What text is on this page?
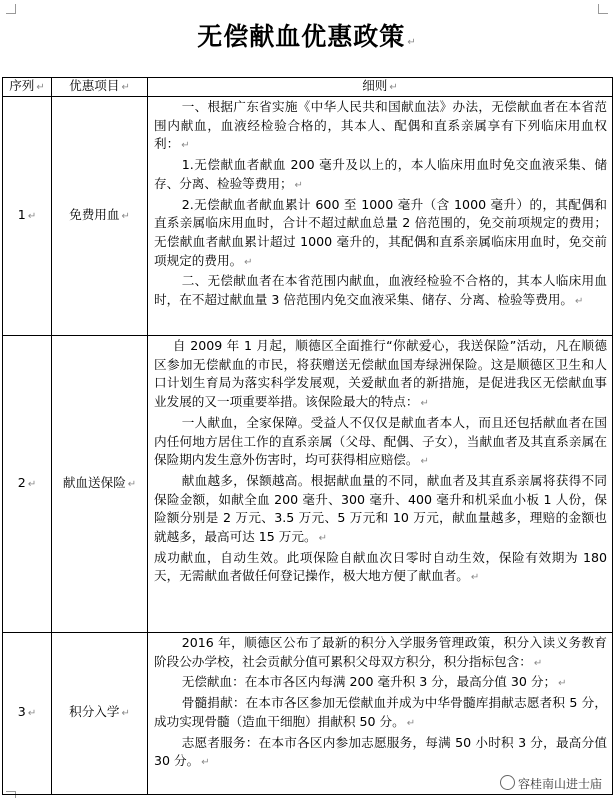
无偿献血优惠政策 ↵
序列 ↵	优惠项目 ↵	细则 ↵
1 ↵	免费用血 ↵	一、根据广东省实施《中华人民共和国献血法》办法，无偿献血者在本省范围内献血，血液经检验合格的，其本人、配偶和直系亲属享有下列临床用血权利： ↵

1.无偿献血者献血 200 毫升及以上的，本人临床用血时免交血液采集、储存、分离、检验等费用； ↵

2.无偿献血者献血累计 600 至 1000 毫升（含 1000 毫升）的，其配偶和直系亲属临床用血时，合计不超过献血总量 2 倍范围的，免交前项规定的费用；无偿献血者献血累计超过 1000 毫升的，其配偶和直系亲属临床用血时，免交前项规定的费用。 ↵

二、无偿献血者在本省范围内献血，血液经检验不合格的，其本人临床用血时，在不超过献血量 3 倍范围内免交血液采集、储存、分离、检验等费用。 ↵

2 ↵	献血送保险 ↵	自 2009 年 1 月起，顺德区全面推行“你献爱心，我送保险”活动，凡在顺德区参加无偿献血的市民，将获赠送无偿献血国寿绿洲保险。这是顺德区卫生和人口计划生育局为落实科学发展观，关爱献血者的新措施，是促进我区无偿献血事业发展的又一项重要举措。该保险最大的特点： ↵

一人献血，全家保障。受益人不仅仅是献血者本人，而且还包括献血者在国内任何地方居住工作的直系亲属（父母、配偶、子女），当献血者及其直系亲属在保险期内发生意外伤害时，均可获得相应赔偿。 ↵

献血越多，保额越高。根据献血量的不同，献血者及其直系亲属将获得不同保险金额，如献全血 200 毫升、300 毫升、400 毫升和机采血小板 1 人份，保险额分别是 2 万元、3.5 万元、5 万元和 10 万元，献血量越多，理赔的金额也就越多，最高可达 15 万元。 ↵

成功献血，自动生效。此项保险自献血次日零时自动生效，保险有效期为 180 天，无需献血者做任何登记操作，极大地方便了献血者。 ↵

3 ↵	积分入学 ↵	2016 年，顺德区公布了最新的积分入学服务管理政策，积分入读义务教育阶段公办学校，社会贡献分值可累积父母双方积分，积分指标包含： ↵

无偿献血：在本市各区内每满 200 毫升积 3 分，最高分值 30 分； ↵

骨髓捐献：在本市各区参加无偿献血并成为中华骨髓库捐献志愿者积 5 分，成功实现骨髓（造血干细胞）捐献积 50 分。 ↵

志愿者服务：在本市各区内参加志愿服务，每满 50 小时积 3 分，最高分值 30 分。 ↵

容桂南山进士庙
